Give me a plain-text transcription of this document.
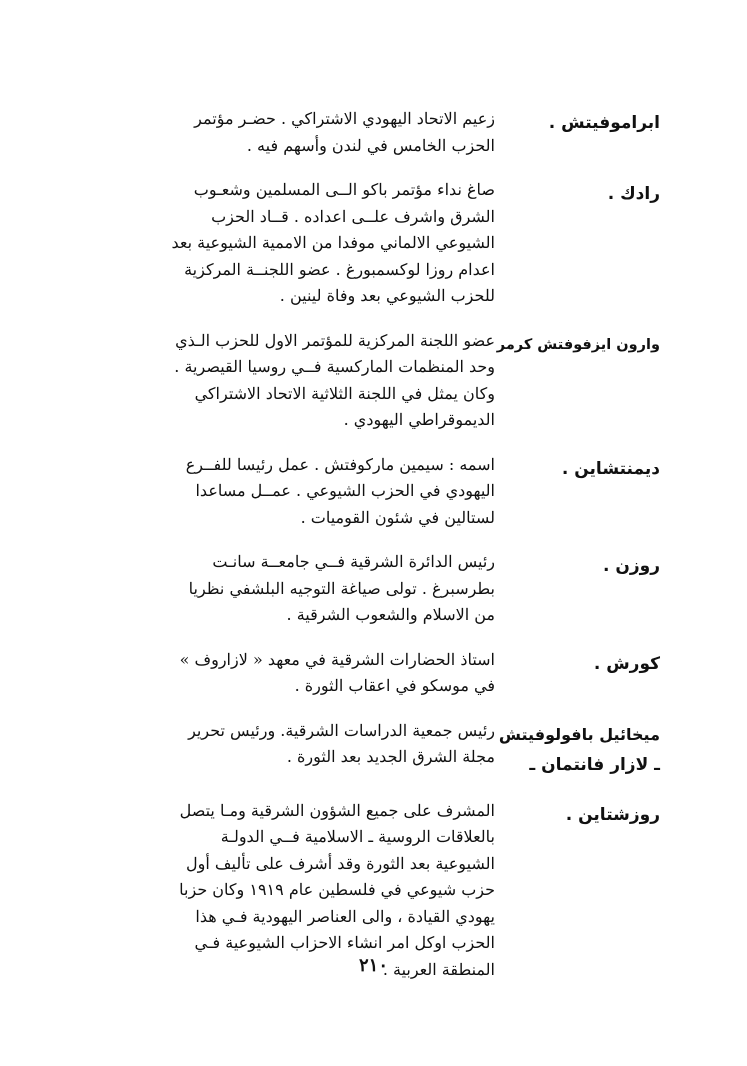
ابراموفيتش .
زعيم الاتحاد اليهودي الاشتراكي . حضـر مؤتمر
الحزب الخامس في لندن وأسهم فيه .
رادك .
صاغ نداء مؤتمر باكو الــى المسلمين وشعـوب
الشرق واشرف علــى اعداده . قــاد الحزب
الشيوعي الالماني موفدا من الاممية الشيوعية بعد
اعدام روزا لوكسمبورغ . عضو اللجنــة المركزية
للحزب الشيوعي بعد وفاة لينين .
وارون ايزفوفتش كرمر
عضو اللجنة المركزية للمؤتمر الاول للحزب الـذي
وحد المنظمات الماركسية فــي روسيا القيصرية .
وكان يمثل في اللجنة الثلاثية الاتحاد الاشتراكي
الديموقراطي اليهودي .
ديمنتشاين .
اسمه : سيمين ماركوفتش . عمل رئيسا للفــرع
اليهودي في الحزب الشيوعي . عمــل مساعدا
لستالين في شئون القوميات .
روزن .
رئيس الدائرة الشرقية فــي جامعــة سانـت
بطرسبرغ . تولى صياغة التوجيه البلشفي نظريا
من الاسلام والشعوب الشرقية .
كورش .
استاذ الحضارات الشرقية في معهد « لازاروف »
في موسكو في اعقاب الثورة .
ميخائيل بافولوفيتش
ـ لازار فانتمان ـ
رئيس جمعية الدراسات الشرقية. ورئيس تحرير
مجلة الشرق الجديد بعد الثورة .
روزشتاين .
المشرف على جميع الشؤون الشرقية ومـا يتصل
بالعلاقات الروسية ـ الاسلامية فــي الدولـة
الشيوعية بعد الثورة وقد أشرف على تأليف أول
حزب شيوعي في فلسطين عام ١٩١٩ وكان حزبا
يهودي القيادة ، والى العناصر اليهودية فـي هذا
الحزب اوكل امر انشاء الاحزاب الشيوعية فـي
المنطقة العربية .
٢١٠
